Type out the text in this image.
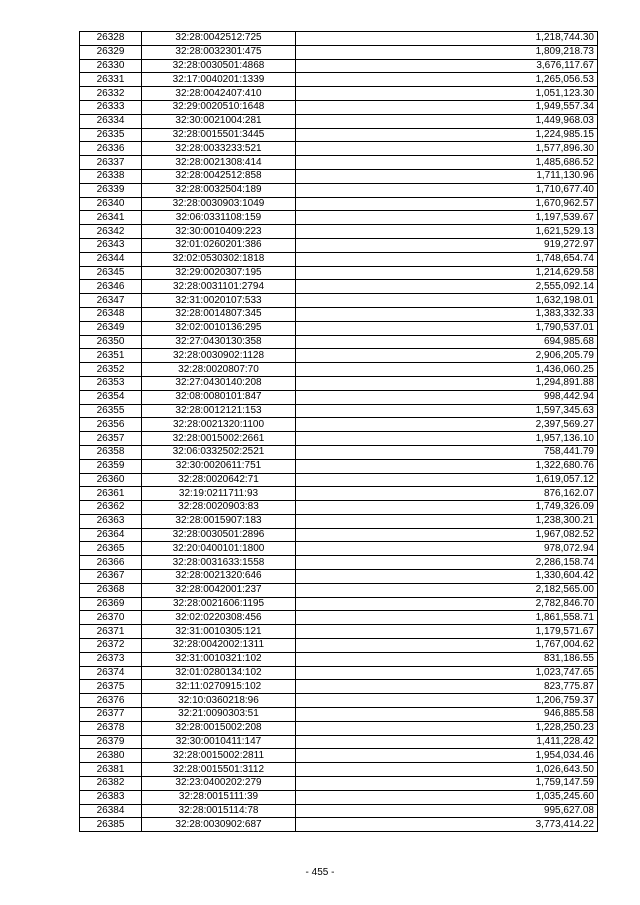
26328	32:28:0042512:725	1,218,744.30
26329	32:28:0032301:475	1,809,218.73
26330	32:28:0030501:4868	3,676,117.67
26331	32:17:0040201:1339	1,265,056.53
26332	32:28:0042407:410	1,051,123.30
26333	32:29:0020510:1648	1,949,557.34
26334	32:30:0021004:281	1,449,968.03
26335	32:28:0015501:3445	1,224,985.15
26336	32:28:0033233:521	1,577,896.30
26337	32:28:0021308:414	1,485,686.52
26338	32:28:0042512:858	1,711,130.96
26339	32:28:0032504:189	1,710,677.40
26340	32:28:0030903:1049	1,670,962.57
26341	32:06:0331108:159	1,197,539.67
26342	32:30:0010409:223	1,621,529.13
26343	32:01:0260201:386	919,272.97
26344	32:02:0530302:1818	1,748,654.74
26345	32:29:0020307:195	1,214,629.58
26346	32:28:0031101:2794	2,555,092.14
26347	32:31:0020107:533	1,632,198.01
26348	32:28:0014807:345	1,383,332.33
26349	32:02:0010136:295	1,790,537.01
26350	32:27:0430130:358	694,985.68
26351	32:28:0030902:1128	2,906,205.79
26352	32:28:0020807:70	1,436,060.25
26353	32:27:0430140:208	1,294,891.88
26354	32:08:0080101:847	998,442.94
26355	32:28:0012121:153	1,597,345.63
26356	32:28:0021320:1100	2,397,569.27
26357	32:28:0015002:2661	1,957,136.10
26358	32:06:0332502:2521	758,441.79
26359	32:30:0020611:751	1,322,680.76
26360	32:28:0020642:71	1,619,057.12
26361	32:19:0211711:93	876,162.07
26362	32:28:0020903:83	1,749,326.09
26363	32:28:0015907:183	1,238,300.21
26364	32:28:0030501:2896	1,967,082.52
26365	32:20:0400101:1800	978,072.94
26366	32:28:0031633:1558	2,286,158.74
26367	32:28:0021320:646	1,330,604.42
26368	32:28:0042001:237	2,182,565.00
26369	32:28:0021606:1195	2,782,846.70
26370	32:02:0220308:456	1,861,558.71
26371	32:31:0010305:121	1,179,571.67
26372	32:28:0042002:1311	1,767,004.62
26373	32:31:0010321:102	831,186.55
26374	32:01:0280134:102	1,023,747.65
26375	32:11:0270915:102	823,775.87
26376	32:10:0360218:96	1,206,759.37
26377	32:21:0090303:51	946,885.58
26378	32:28:0015002:208	1,228,250.23
26379	32:30:0010411:147	1,411,228.42
26380	32:28:0015002:2811	1,954,034.46
26381	32:28:0015501:3112	1,026,643.50
26382	32:23:0400202:279	1,759,147.59
26383	32:28:0015111:39	1,035,245.60
26384	32:28:0015114:78	995,627.08
26385	32:28:0030902:687	3,773,414.22
- 455 -
